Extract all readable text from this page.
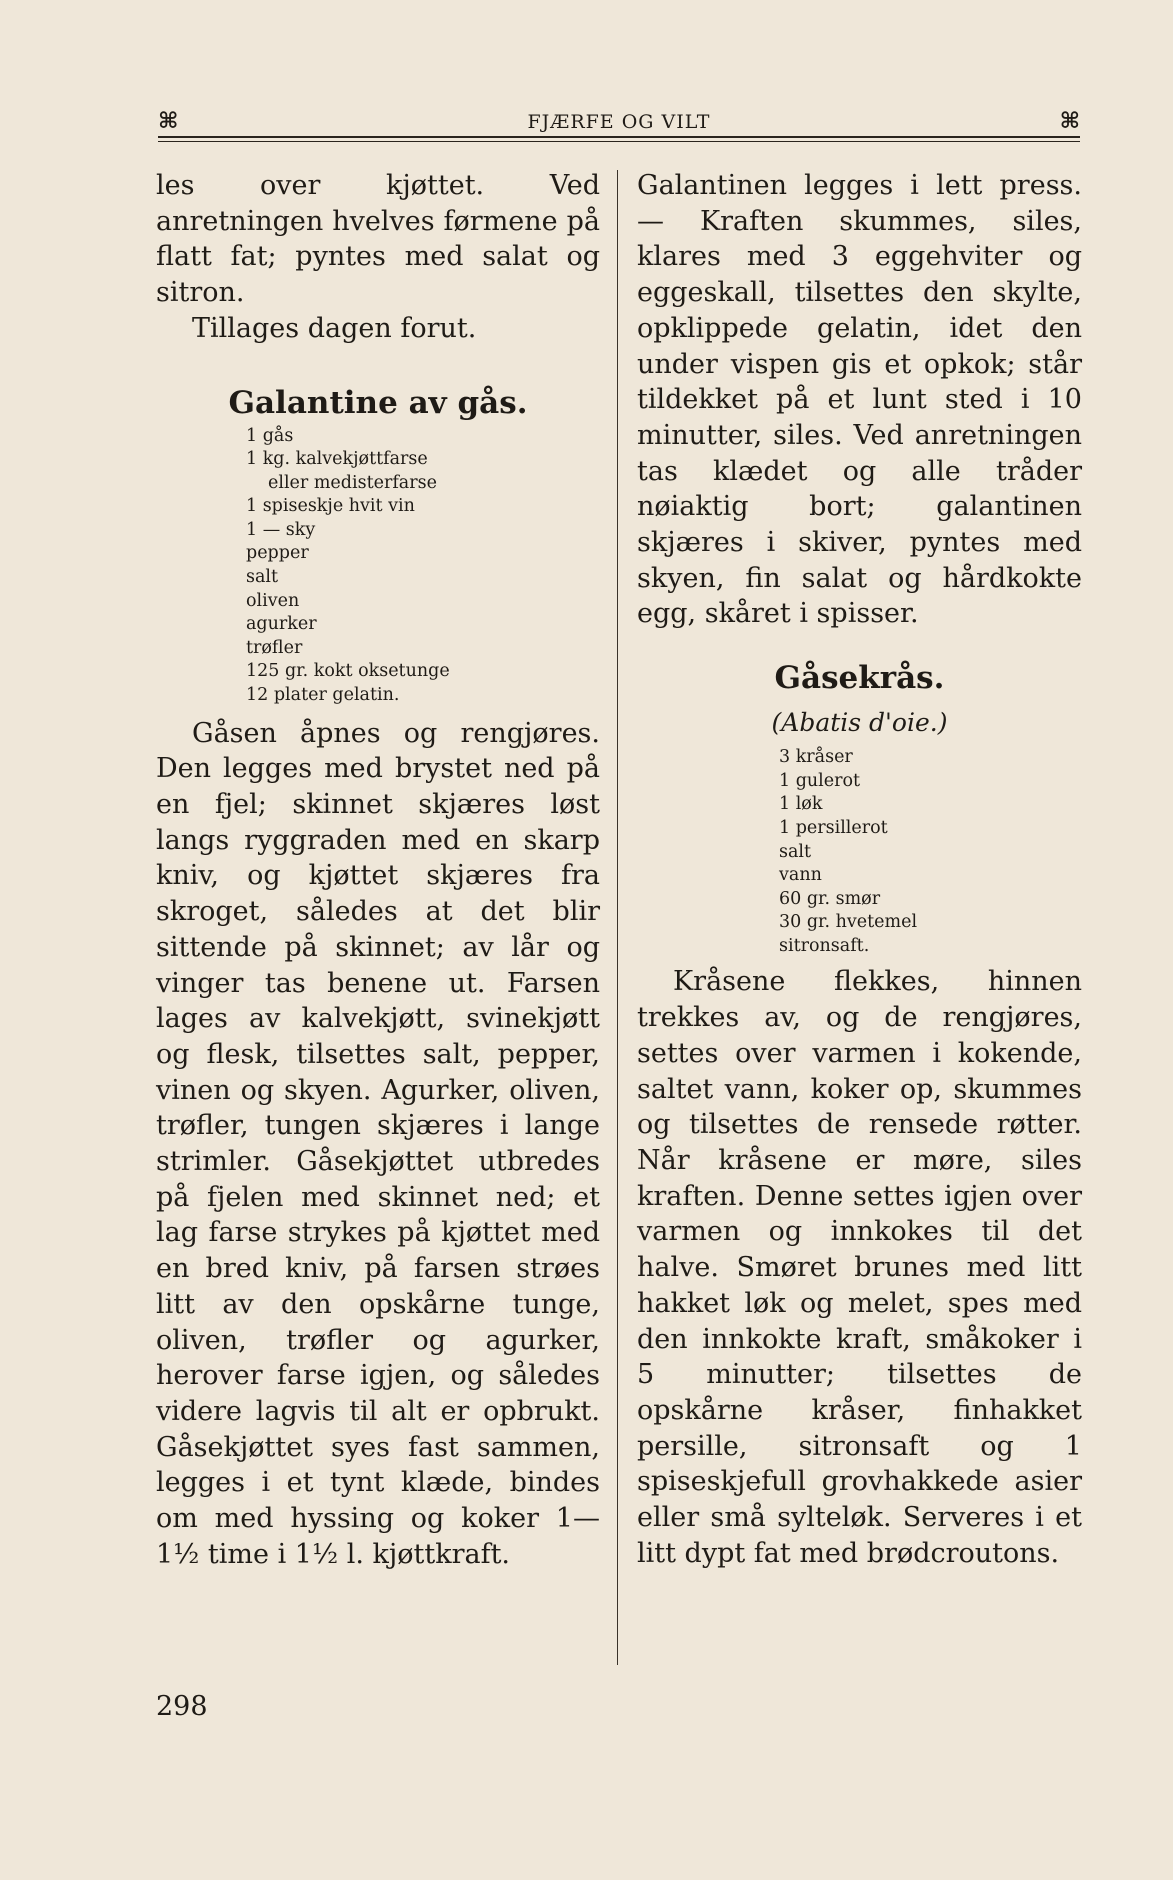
⌘	FJÆRFE OG VILT	⌘

les over kjøttet. Ved anretningen hvelves førmene på flatt fat; pyntes med salat og sitron.

Tillages dagen forut.

Galantine av gås.
1 gås
1 kg. kalvekjøttfarse
eller medisterfarse
1 spiseskje hvit vin
1 — sky
pepper
salt
oliven
agurker
trøfler
125 gr. kokt oksetunge
12 plater gelatin.

Gåsen åpnes og rengjøres. Den legges med brystet ned på en fjel; skinnet skjæres løst langs ryggraden med en skarp kniv, og kjøttet skjæres fra skroget, således at det blir sittende på skinnet; av lår og vinger tas benene ut. Farsen lages av kalvekjøtt, svinekjøtt og flesk, tilsettes salt, pepper, vinen og skyen. Agurker, oliven, trøfler, tungen skjæres i lange strimler. Gåsekjøttet utbredes på fjelen med skinnet ned; et lag farse strykes på kjøttet med en bred kniv, på farsen strøes litt av den opskårne tunge, oliven, trøfler og agurker, herover farse igjen, og således videre lagvis til alt er opbrukt. Gåsekjøttet syes fast sammen, legges i et tynt klæde, bindes om med hyssing og koker 1—1½ time i 1½ l. kjøttkraft.

Galantinen legges i lett press. — Kraften skummes, siles, klares med 3 eggehviter og eggeskall, tilsettes den skylte, opklippede gelatin, idet den under vispen gis et opkok; står tildekket på et lunt sted i 10 minutter, siles. Ved anretningen tas klædet og alle tråder nøiaktig bort; galantinen skjæres i skiver, pyntes med skyen, fin salat og hårdkokte egg, skåret i spisser.

Gåsekrås.

(Abatis d'oie.)

3 kråser
1 gulerot
1 løk
1 persillerot
salt
vann
60 gr. smør
30 gr. hvetemel
sitronsaft.

Kråsene flekkes, hinnen trekkes av, og de rengjøres, settes over varmen i kokende, saltet vann, koker op, skummes og tilsettes de rensede røtter. Når kråsene er møre, siles kraften. Denne settes igjen over varmen og innkokes til det halve. Smøret brunes med litt hakket løk og melet, spes med den innkokte kraft, småkoker i 5 minutter; tilsettes de opskårne kråser, finhakket persille, sitronsaft og 1 spiseskjefull grovhakkede asier eller små sylteløk. Serveres i et litt dypt fat med brødcroutons.

298
